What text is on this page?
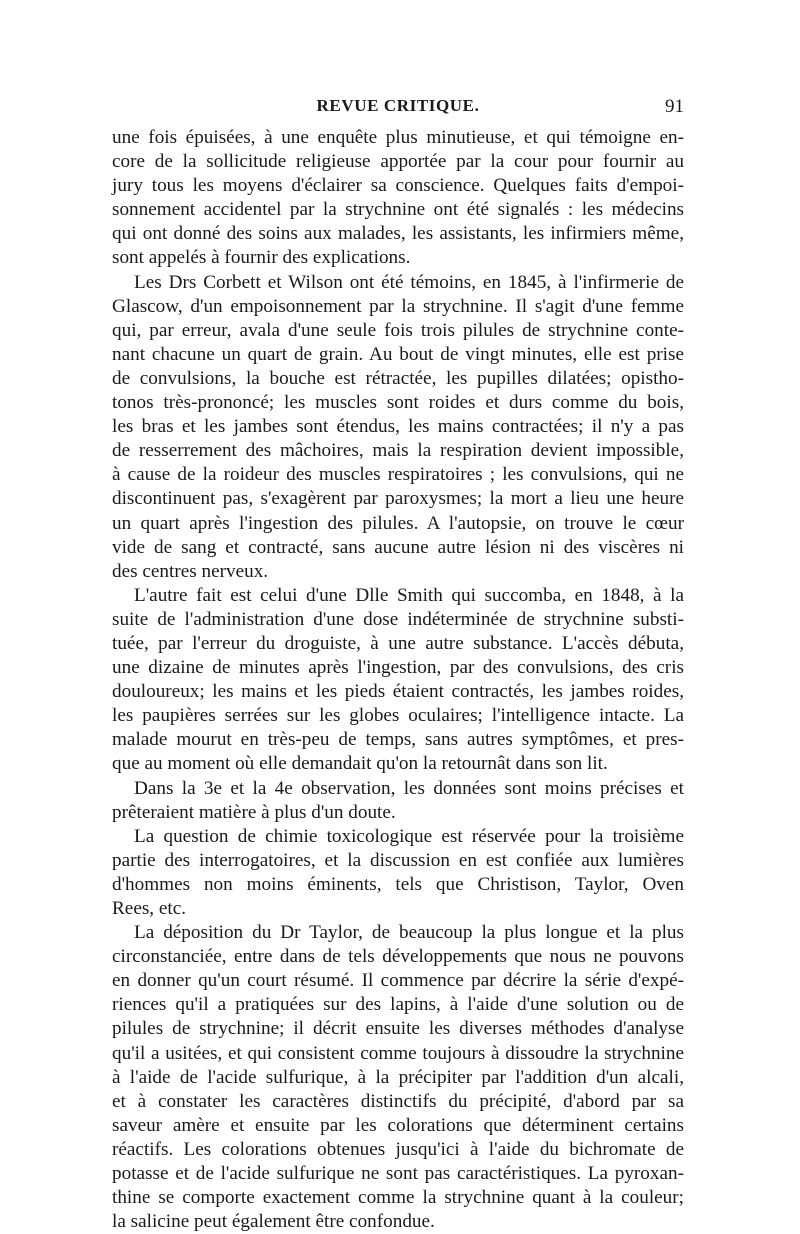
REVUE CRITIQUE.	91
une fois épuisées, à une enquête plus minutieuse, et qui témoigne en-
core de la sollicitude religieuse apportée par la cour pour fournir au
jury tous les moyens d'éclairer sa conscience. Quelques faits d'empoi-
sonnement accidentel par la strychnine ont été signalés : les médecins
qui ont donné des soins aux malades, les assistants, les infirmiers même,
sont appelés à fournir des explications.
Les Drs Corbett et Wilson ont été témoins, en 1845, à l'infirmerie de
Glascow, d'un empoisonnement par la strychnine. Il s'agit d'une femme
qui, par erreur, avala d'une seule fois trois pilules de strychnine conte-
nant chacune un quart de grain. Au bout de vingt minutes, elle est prise
de convulsions, la bouche est rétractée, les pupilles dilatées; opistho-
tonos très-prononcé; les muscles sont roides et durs comme du bois,
les bras et les jambes sont étendus, les mains contractées; il n'y a pas
de resserrement des mâchoires, mais la respiration devient impossible,
à cause de la roideur des muscles respiratoires ; les convulsions, qui ne
discontinuent pas, s'exagèrent par paroxysmes; la mort a lieu une heure
un quart après l'ingestion des pilules. A l'autopsie, on trouve le cœur
vide de sang et contracté, sans aucune autre lésion ni des viscères ni
des centres nerveux.
L'autre fait est celui d'une Dlle Smith qui succomba, en 1848, à la
suite de l'administration d'une dose indéterminée de strychnine substi-
tuée, par l'erreur du droguiste, à une autre substance. L'accès débuta,
une dizaine de minutes après l'ingestion, par des convulsions, des cris
douloureux; les mains et les pieds étaient contractés, les jambes roides,
les paupières serrées sur les globes oculaires; l'intelligence intacte. La
malade mourut en très-peu de temps, sans autres symptômes, et pres-
que au moment où elle demandait qu'on la retournât dans son lit.
Dans la 3e et la 4e observation, les données sont moins précises et
prêteraient matière à plus d'un doute.
La question de chimie toxicologique est réservée pour la troisième
partie des interrogatoires, et la discussion en est confiée aux lumières
d'hommes non moins éminents, tels que Christison, Taylor, Oven
Rees, etc.
La déposition du Dr Taylor, de beaucoup la plus longue et la plus
circonstanciée, entre dans de tels développements que nous ne pouvons
en donner qu'un court résumé. Il commence par décrire la série d'expé-
riences qu'il a pratiquées sur des lapins, à l'aide d'une solution ou de
pilules de strychnine; il décrit ensuite les diverses méthodes d'analyse
qu'il a usitées, et qui consistent comme toujours à dissoudre la strychnine
à l'aide de l'acide sulfurique, à la précipiter par l'addition d'un alcali,
et à constater les caractères distinctifs du précipité, d'abord par sa
saveur amère et ensuite par les colorations que déterminent certains
réactifs. Les colorations obtenues jusqu'ici à l'aide du bichromate de
potasse et de l'acide sulfurique ne sont pas caractéristiques. La pyroxan-
thine se comporte exactement comme la strychnine quant à la couleur;
la salicine peut également être confondue.
